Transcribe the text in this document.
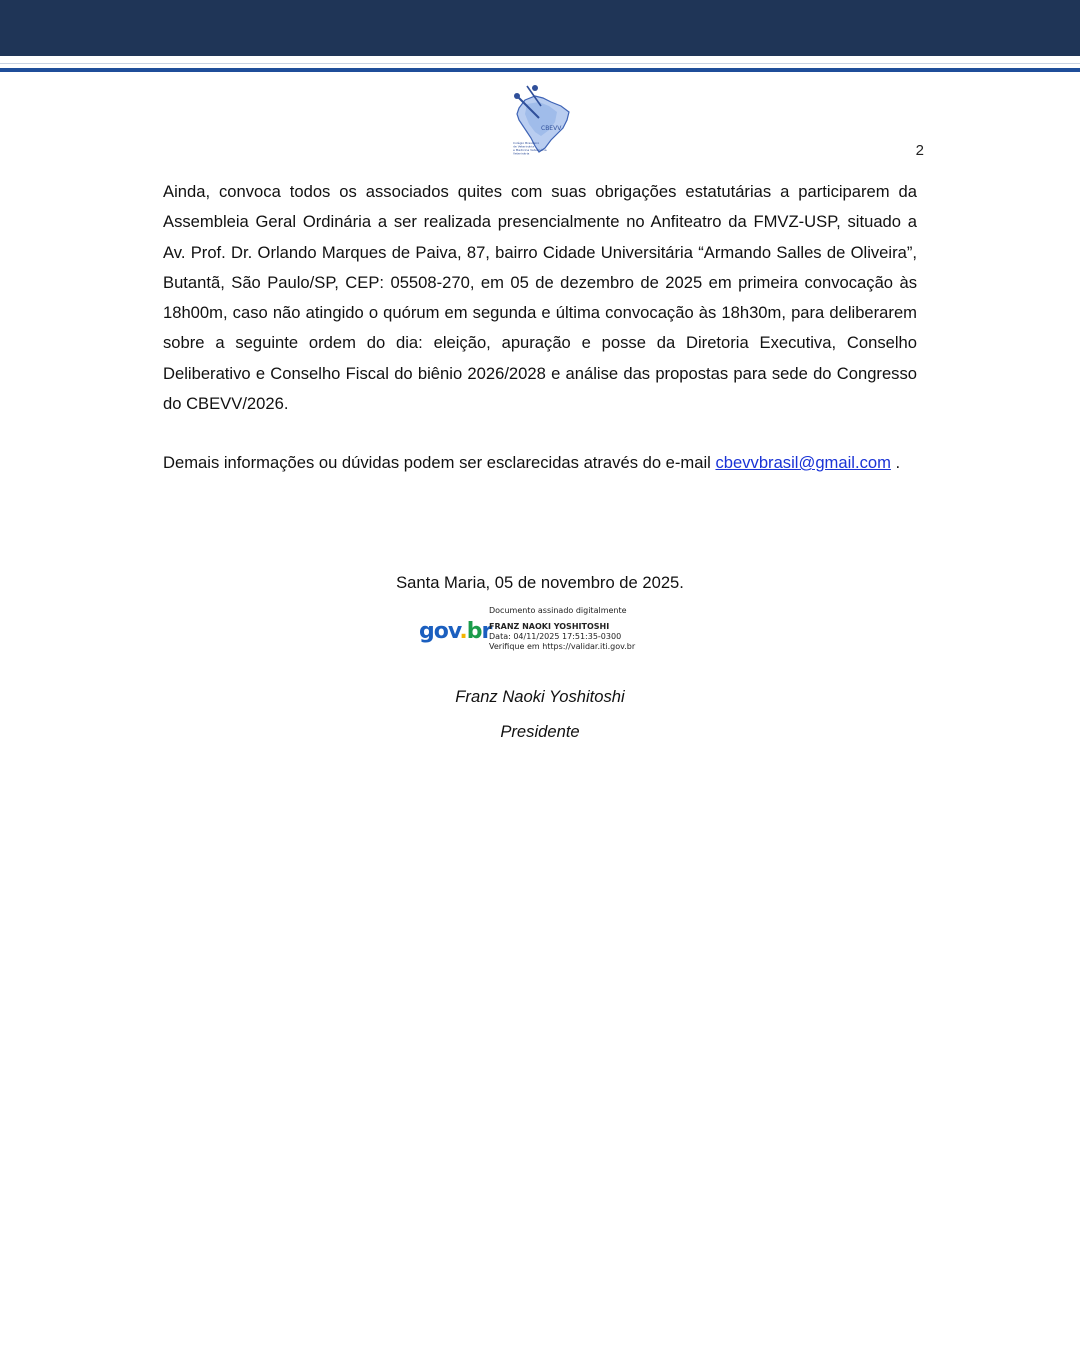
CBEVV
Colégio Brasileiro
de Veterinária
e Medicina Veterinária
Veterinária	2

Ainda, convoca todos os associados quites com suas obrigações estatutárias a participarem da Assembleia Geral Ordinária a ser realizada presencialmente no Anfiteatro da FMVZ-USP, situado a Av. Prof. Dr. Orlando Marques de Paiva, 87, bairro Cidade Universitária “Armando Salles de Oliveira”, Butantã, São Paulo/SP, CEP: 05508-270, em 05 de dezembro de 2025 em primeira convocação às 18h00m, caso não atingido o quórum em segunda e última convocação às 18h30m, para deliberarem sobre a seguinte ordem do dia: eleição, apuração e posse da Diretoria Executiva, Conselho Deliberativo e Conselho Fiscal do biênio 2026/2028 e análise das propostas para sede do Congresso do CBEVV/2026.

Demais informações ou dúvidas podem ser esclarecidas através do e-mail cbevvbrasil@gmail.com .

Santa Maria, 05 de novembro de 2025.
gov.br
Documento assinado digitalmente
FRANZ NAOKI YOSHITOSHI
Data: 04/11/2025 17:51:35-0300
Verifique em https://validar.iti.gov.br
Franz Naoki Yoshitoshi
Presidente
